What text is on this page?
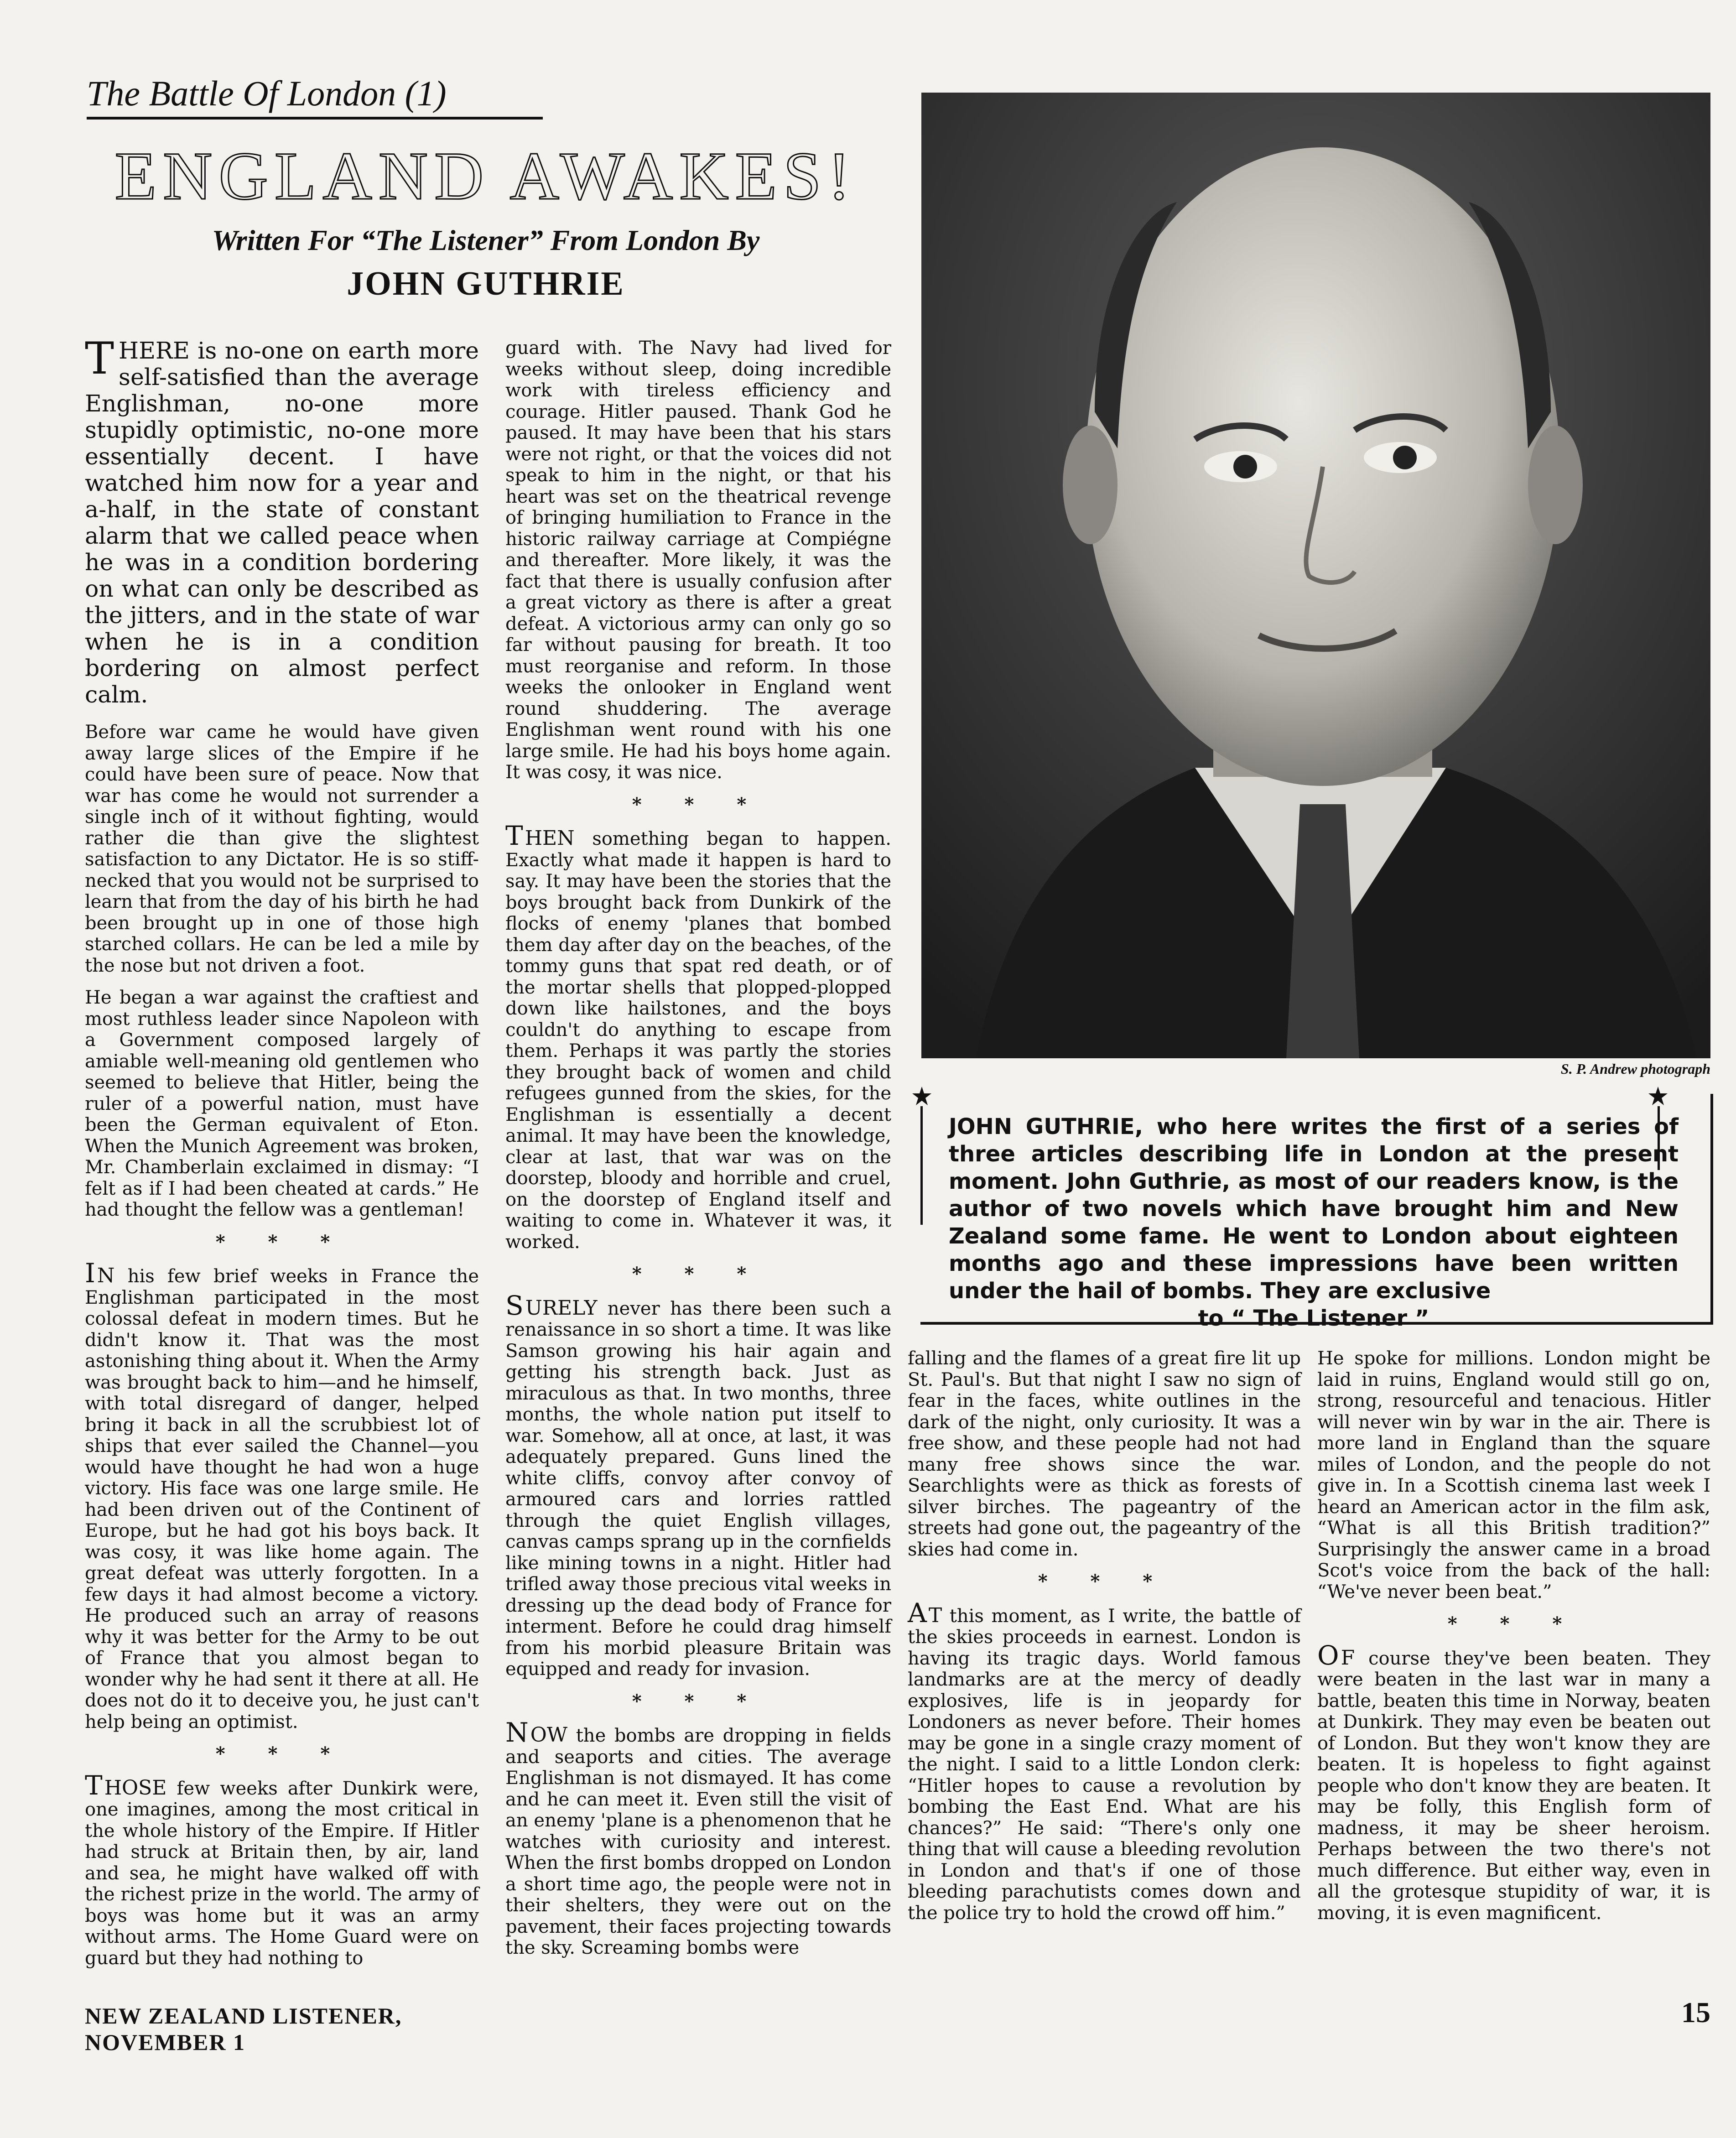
The Battle Of London (1)
ENGLAND AWAKES!
Written For “The Listener” From London By
JOHN GUTHRIE

THERE is no-one on earth more self-satisfied than the average Englishman, no-one more stupidly optimistic, no-one more essentially decent. I have watched him now for a year and a-half, in the state of constant alarm that we called peace when he was in a condition bordering on what can only be described as the jitters, and in the state of war when he is in a condition bordering on almost perfect calm.

Before war came he would have given away large slices of the Empire if he could have been sure of peace. Now that war has come he would not surrender a single inch of it without fighting, would rather die than give the slightest satisfaction to any Dictator. He is so stiff-necked that you would not be surprised to learn that from the day of his birth he had been brought up in one of those high starched collars. He can be led a mile by the nose but not driven a foot.

He began a war against the craftiest and most ruthless leader since Napoleon with a Government composed largely of amiable well-meaning old gentlemen who seemed to believe that Hitler, being the ruler of a powerful nation, must have been the German equivalent of Eton. When the Munich Agreement was broken, Mr. Chamberlain exclaimed in dismay: “I felt as if I had been cheated at cards.” He had thought the fellow was a gentleman!

* * *

IN his few brief weeks in France the Englishman participated in the most colossal defeat in modern times. But he didn't know it. That was the most astonishing thing about it. When the Army was brought back to him—and he himself, with total disregard of danger, helped bring it back in all the scrubbiest lot of ships that ever sailed the Channel—you would have thought he had won a huge victory. His face was one large smile. He had been driven out of the Continent of Europe, but he had got his boys back. It was cosy, it was like home again. The great defeat was utterly forgotten. In a few days it had almost become a victory. He produced such an array of reasons why it was better for the Army to be out of France that you almost began to wonder why he had sent it there at all. He does not do it to deceive you, he just can't help being an optimist.

* * *

THOSE few weeks after Dunkirk were, one imagines, among the most critical in the whole history of the Empire. If Hitler had struck at Britain then, by air, land and sea, he might have walked off with the richest prize in the world. The army of boys was home but it was an army without arms. The Home Guard were on guard but they had nothing to

guard with. The Navy had lived for weeks without sleep, doing incredible work with tireless efficiency and courage. Hitler paused. Thank God he paused. It may have been that his stars were not right, or that the voices did not speak to him in the night, or that his heart was set on the theatrical revenge of bringing humiliation to France in the historic railway carriage at Compiégne and thereafter. More likely, it was the fact that there is usually confusion after a great victory as there is after a great defeat. A victorious army can only go so far without pausing for breath. It too must reorganise and reform. In those weeks the onlooker in England went round shuddering. The average Englishman went round with his one large smile. He had his boys home again. It was cosy, it was nice.

* * *

THEN something began to happen. Exactly what made it happen is hard to say. It may have been the stories that the boys brought back from Dunkirk of the flocks of enemy 'planes that bombed them day after day on the beaches, of the tommy guns that spat red death, or of the mortar shells that plopped-plopped down like hailstones, and the boys couldn't do anything to escape from them. Perhaps it was partly the stories they brought back of women and child refugees gunned from the skies, for the Englishman is essentially a decent animal. It may have been the knowledge, clear at last, that war was on the doorstep, bloody and horrible and cruel, on the doorstep of England itself and waiting to come in. Whatever it was, it worked.

* * *

SURELY never has there been such a renaissance in so short a time. It was like Samson growing his hair again and getting his strength back. Just as miraculous as that. In two months, three months, the whole nation put itself to war. Somehow, all at once, at last, it was adequately prepared. Guns lined the white cliffs, convoy after convoy of armoured cars and lorries rattled through the quiet English villages, canvas camps sprang up in the cornfields like mining towns in a night. Hitler had trifled away those precious vital weeks in dressing up the dead body of France for interment. Before he could drag himself from his morbid pleasure Britain was equipped and ready for invasion.

* * *

NOW the bombs are dropping in fields and seaports and cities. The average Englishman is not dismayed. It has come and he can meet it. Even still the visit of an enemy 'plane is a phenomenon that he watches with curiosity and interest. When the first bombs dropped on London a short time ago, the people were not in their shelters, they were out on the pavement, their faces projecting towards the sky. Screaming bombs were

S. P. Andrew photograph
JOHN GUTHRIE, who here writes the first of a series of three articles describing life in London at the present moment. John Guthrie, as most of our readers know, is the author of two novels which have brought him and New Zealand some fame. He went to London about eighteen months ago and these impressions have been written under the hail of bombs. They are exclusive
to “ The Listener ”

falling and the flames of a great fire lit up St. Paul's. But that night I saw no sign of fear in the faces, white outlines in the dark of the night, only curiosity. It was a free show, and these people had not had many free shows since the war. Searchlights were as thick as forests of silver birches. The pageantry of the streets had gone out, the pageantry of the skies had come in.

* * *

AT this moment, as I write, the battle of the skies proceeds in earnest. London is having its tragic days. World famous landmarks are at the mercy of deadly explosives, life is in jeopardy for Londoners as never before. Their homes may be gone in a single crazy moment of the night. I said to a little London clerk: “Hitler hopes to cause a revolution by bombing the East End. What are his chances?” He said: “There's only one thing that will cause a bleeding revolution in London and that's if one of those bleeding parachutists comes down and the police try to hold the crowd off him.”

He spoke for millions. London might be laid in ruins, England would still go on, strong, resourceful and tenacious. Hitler will never win by war in the air. There is more land in England than the square miles of London, and the people do not give in. In a Scottish cinema last week I heard an American actor in the film ask, “What is all this British tradition?” Surprisingly the answer came in a broad Scot's voice from the back of the hall: “We've never been beat.”

* * *

OF course they've been beaten. They were beaten in the last war in many a battle, beaten this time in Norway, beaten at Dunkirk. They may even be beaten out of London. But they won't know they are beaten. It is hopeless to fight against people who don't know they are beaten. It may be folly, this English form of madness, it may be sheer heroism. Perhaps between the two there's not much difference. But either way, even in all the grotesque stupidity of war, it is moving, it is even magnificent.

NEW ZEALAND LISTENER, NOVEMBER 1
15
